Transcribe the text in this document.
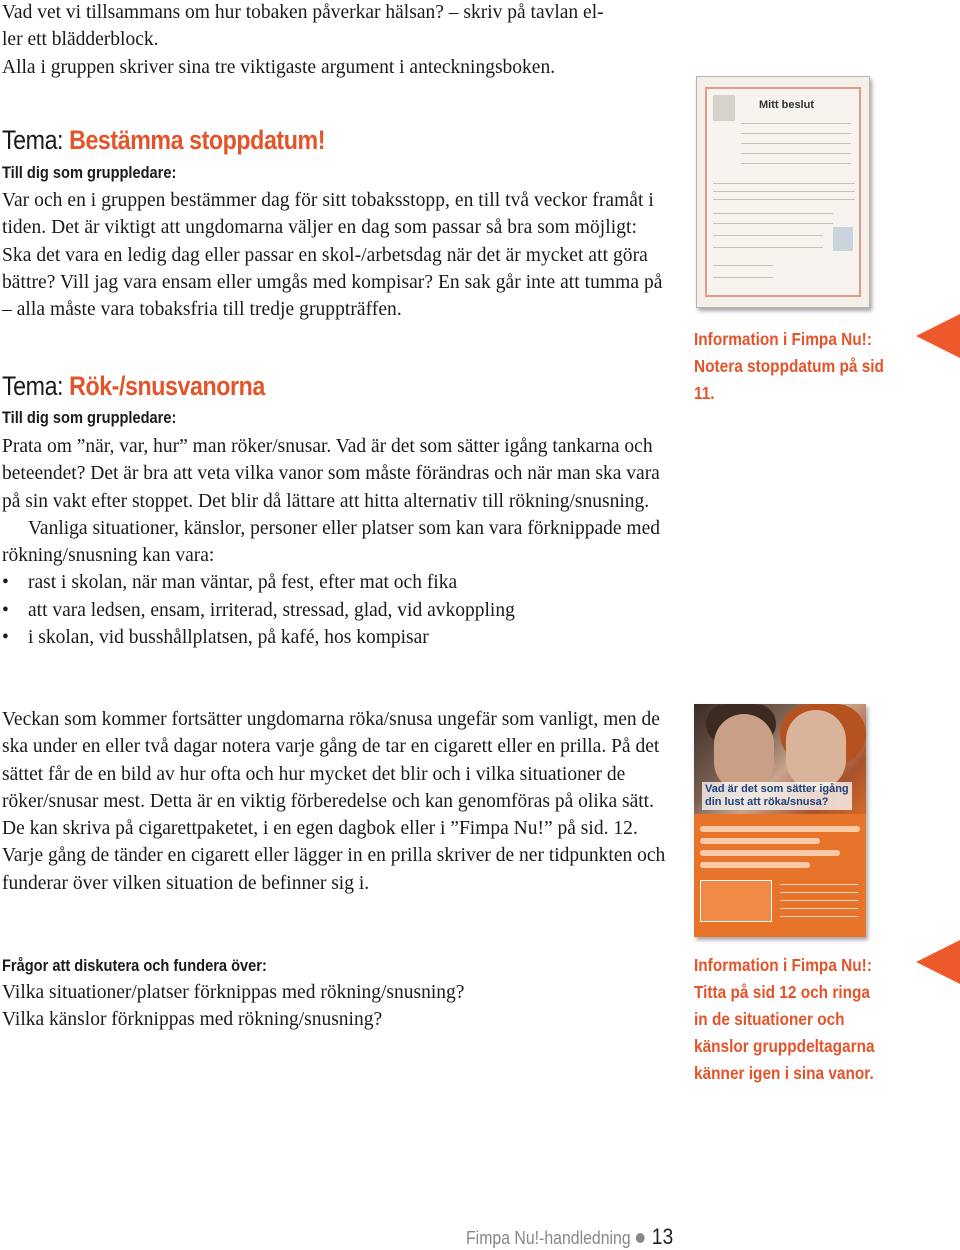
Vad vet vi tillsammans om hur tobaken påverkar hälsan? – skriv på tavlan el-

ler ett blädderblock.

Alla i gruppen skriver sina tre viktigaste argument i anteckningsboken.

Tema: Bestämma stoppdatum!
Till dig som gruppledare:

Var och en i gruppen bestämmer dag för sitt tobaksstopp, en till två veckor framåt i tiden. Det är viktigt att ungdomarna väljer en dag som passar så bra som möjligt: Ska det vara en ledig dag eller passar en skol-/arbetsdag när det är mycket att göra bättre? Vill jag vara ensam eller umgås med kompisar? En sak går inte att tumma på – alla måste vara tobaksfria till tredje gruppträffen.

Tema: Rök-/snusvanorna
Till dig som gruppledare:

Prata om ”när, var, hur” man röker/snusar. Vad är det som sätter igång tankarna och beteendet? Det är bra att veta vilka vanor som måste förändras och när man ska vara på sin vakt efter stoppet. Det blir då lättare att hitta alternativ till rökning/snusning.

Vanliga situationer, känslor, personer eller platser som kan vara förknippade med rökning/snusning kan vara:

• rast i skolan, när man väntar, på fest, efter mat och fika
• att vara ledsen, ensam, irriterad, stressad, glad, vid avkoppling
• i skolan, vid busshållplatsen, på kafé, hos kompisar

Veckan som kommer fortsätter ungdomarna röka/snusa ungefär som vanligt, men de ska under en eller två dagar notera varje gång de tar en cigarett eller en prilla. På det sättet får de en bild av hur ofta och hur mycket det blir och i vilka situationer de röker/snusar mest. Detta är en viktig förberedelse och kan genomföras på olika sätt. De kan skriva på cigarettpaketet, i en egen dagbok eller i ”Fimpa Nu!” på sid. 12. Varje gång de tänder en cigarett eller lägger in en prilla skriver de ner tidpunkten och funderar över vilken situation de befinner sig i.

Frågor att diskutera och fundera över:

Vilka situationer/platser förknippas med rökning/snusning?

Vilka känslor förknippas med rökning/snusning?

Mitt beslut
Information i Fimpa Nu!: Notera stoppdatum på sid 11.
Vad är det som sätter igång
din lust att röka/snusa?
Information i Fimpa Nu!: Titta på sid 12 och ringa in de situationer och känslor gruppdeltagarna känner igen i sina vanor.
Fimpa Nu!-handledning 13
